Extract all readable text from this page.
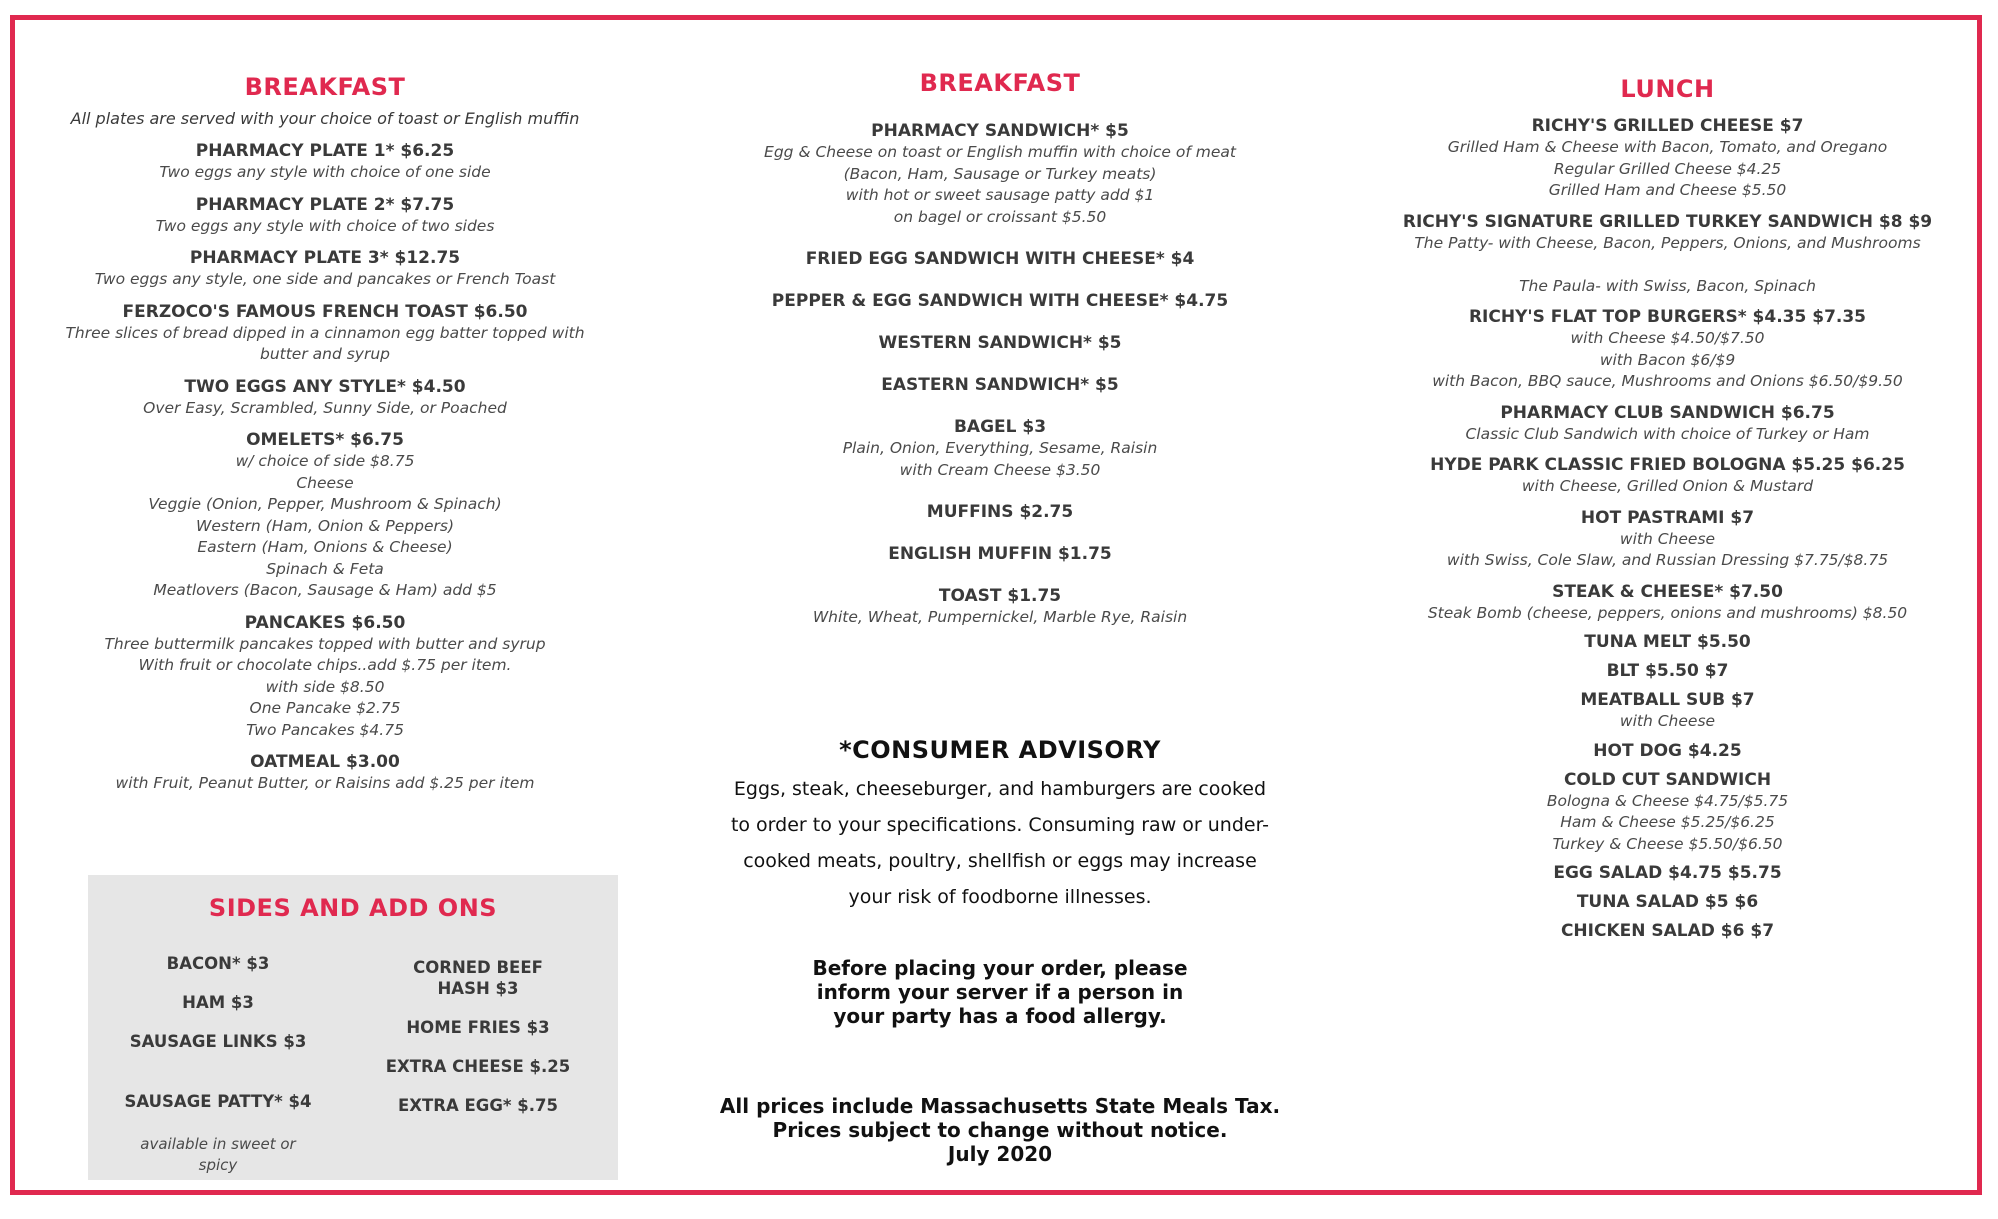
BREAKFAST
All plates are served with your choice of toast or English muffin
PHARMACY PLATE 1* $6.25
Two eggs any style with choice of one side
PHARMACY PLATE 2* $7.75
Two eggs any style with choice of two sides
PHARMACY PLATE 3* $12.75
Two eggs any style, one side and pancakes or French Toast
FERZOCO'S FAMOUS FRENCH TOAST $6.50
Three slices of bread dipped in a cinnamon egg batter topped with
butter and syrup
TWO EGGS ANY STYLE* $4.50
Over Easy, Scrambled, Sunny Side, or Poached
OMELETS* $6.75
w/ choice of side $8.75
Cheese
Veggie (Onion, Pepper, Mushroom & Spinach)
Western (Ham, Onion & Peppers)
Eastern (Ham, Onions & Cheese)
Spinach & Feta
Meatlovers (Bacon, Sausage & Ham) add $5
PANCAKES $6.50
Three buttermilk pancakes topped with butter and syrup
With fruit or chocolate chips..add $.75 per item.
with side $8.50
One Pancake $2.75
Two Pancakes $4.75
OATMEAL $3.00
with Fruit, Peanut Butter, or Raisins add $.25 per item
SIDES AND ADD ONS
BACON* $3
HAM $3
SAUSAGE LINKS $3

SAUSAGE PATTY* $4

available in sweet or
spicy

CORNED BEEF
HASH $3
HOME FRIES $3
EXTRA CHEESE $.25
EXTRA EGG* $.75
BREAKFAST
PHARMACY SANDWICH* $5
Egg & Cheese on toast or English muffin with choice of meat
(Bacon, Ham, Sausage or Turkey meats)
with hot or sweet sausage patty add $1
on bagel or croissant $5.50
FRIED EGG SANDWICH WITH CHEESE* $4
PEPPER & EGG SANDWICH WITH CHEESE* $4.75
WESTERN SANDWICH* $5
EASTERN SANDWICH* $5
BAGEL $3
Plain, Onion, Everything, Sesame, Raisin
with Cream Cheese $3.50
MUFFINS $2.75
ENGLISH MUFFIN $1.75
TOAST $1.75
White, Wheat, Pumpernickel, Marble Rye, Raisin
*CONSUMER ADVISORY
Eggs, steak, cheeseburger, and hamburgers are cooked
to order to your specifications. Consuming raw or under-
cooked meats, poultry, shellfish or eggs may increase
your risk of foodborne illnesses.
Before placing your order, please
inform your server if a person in
your party has a food allergy.
All prices include Massachusetts State Meals Tax.
Prices subject to change without notice.
July 2020
LUNCH
RICHY'S GRILLED CHEESE $7
Grilled Ham & Cheese with Bacon, Tomato, and Oregano
Regular Grilled Cheese $4.25
Grilled Ham and Cheese $5.50
RICHY'S SIGNATURE GRILLED TURKEY SANDWICH $8 $9
The Patty- with Cheese, Bacon, Peppers, Onions, and Mushrooms

The Paula- with Swiss, Bacon, Spinach
RICHY'S FLAT TOP BURGERS* $4.35 $7.35
with Cheese $4.50/$7.50
with Bacon $6/$9
with Bacon, BBQ sauce, Mushrooms and Onions $6.50/$9.50
PHARMACY CLUB SANDWICH $6.75
Classic Club Sandwich with choice of Turkey or Ham
HYDE PARK CLASSIC FRIED BOLOGNA $5.25 $6.25
with Cheese, Grilled Onion & Mustard
HOT PASTRAMI $7
with Cheese
with Swiss, Cole Slaw, and Russian Dressing $7.75/$8.75
STEAK & CHEESE* $7.50
Steak Bomb (cheese, peppers, onions and mushrooms) $8.50
TUNA MELT $5.50
BLT $5.50 $7
MEATBALL SUB $7
with Cheese
HOT DOG $4.25
COLD CUT SANDWICH
Bologna & Cheese $4.75/$5.75
Ham & Cheese $5.25/$6.25
Turkey & Cheese $5.50/$6.50
EGG SALAD $4.75 $5.75
TUNA SALAD $5 $6
CHICKEN SALAD $6 $7
